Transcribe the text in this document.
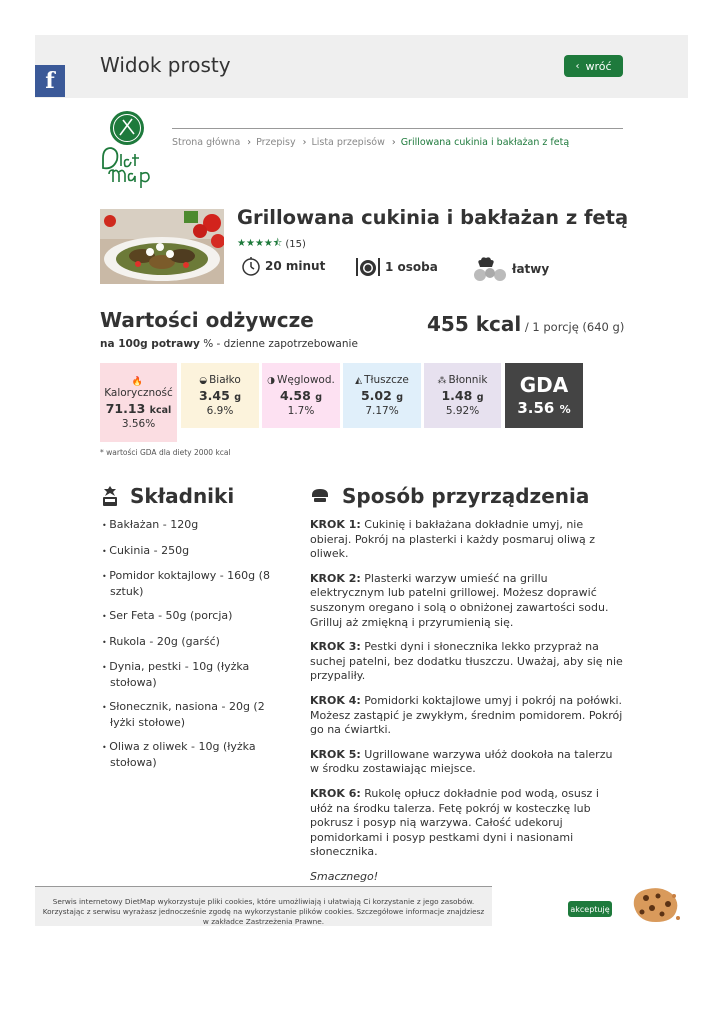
Widok prosty	‹ wróć
f
Strona główna › Przepisy › Lista przepisów › Grillowana cukinia i bakłażan z fetą
Grillowana cukinia i bakłażan z fetą
★★★★⯪ (15)
20 minut	1 osoba	łatwy
Wartości odżywcze	455 kcal / 1 porcję (640 g)
na 100g potrawy % - dzienne zapotrzebowanie
🔥
Kaloryczność
71.13 kcal
3.56%
◒ Białko
3.45 g
6.9%
◑ Węglowod.
4.58 g
1.7%
◭ Tłuszcze
5.02 g
7.17%
⁂ Błonnik
1.48 g
5.92%
GDA
3.56 %
* wartości GDA dla diety 2000 kcal
Składniki
• Bakłażan - 120g
• Cukinia - 250g
• Pomidor koktajlowy - 160g (8 sztuk)
• Ser Feta - 50g (porcja)
• Rukola - 20g (garść)
• Dynia, pestki - 10g (łyżka stołowa)
• Słonecznik, nasiona - 20g (2 łyżki stołowe)
• Oliwa z oliwek - 10g (łyżka stołowa)
Sposób przyrządzenia

KROK 1: Cukinię i bakłażana dokładnie umyj, nie obieraj. Pokrój na plasterki i każdy posmaruj oliwą z oliwek.

KROK 2: Plasterki warzyw umieść na grillu elektrycznym lub patelni grillowej. Możesz doprawić suszonym oregano i solą o obniżonej zawartości sodu. Grilluj aż zmiękną i przyrumienią się.

KROK 3: Pestki dyni i słonecznika lekko przypraż na suchej patelni, bez dodatku tłuszczu. Uważaj, aby się nie przypaliły.

KROK 4: Pomidorki koktajlowe umyj i pokrój na połówki. Możesz zastąpić je zwykłym, średnim pomidorem. Pokrój go na ćwiartki.

KROK 5: Ugrillowane warzywa ułóż dookoła na talerzu w środku zostawiając miejsce.

KROK 6: Rukolę opłucz dokładnie pod wodą, osusz i ułóż na środku talerza. Fetę pokrój w kosteczkę lub pokrusz i posyp nią warzywa. Całość udekoruj pomidorkami i posyp pestkami dyni i nasionami słonecznika.

Smacznego!

Serwis internetowy DietMap wykorzystuje pliki cookies, które umożliwiają i ułatwiają Ci korzystanie z jego zasobów. Korzystając z serwisu wyrażasz jednocześnie zgodę na wykorzystanie plików cookies. Szczegółowe informacje znajdziesz w zakładce Zastrzeżenia Prawne.
akceptuję
